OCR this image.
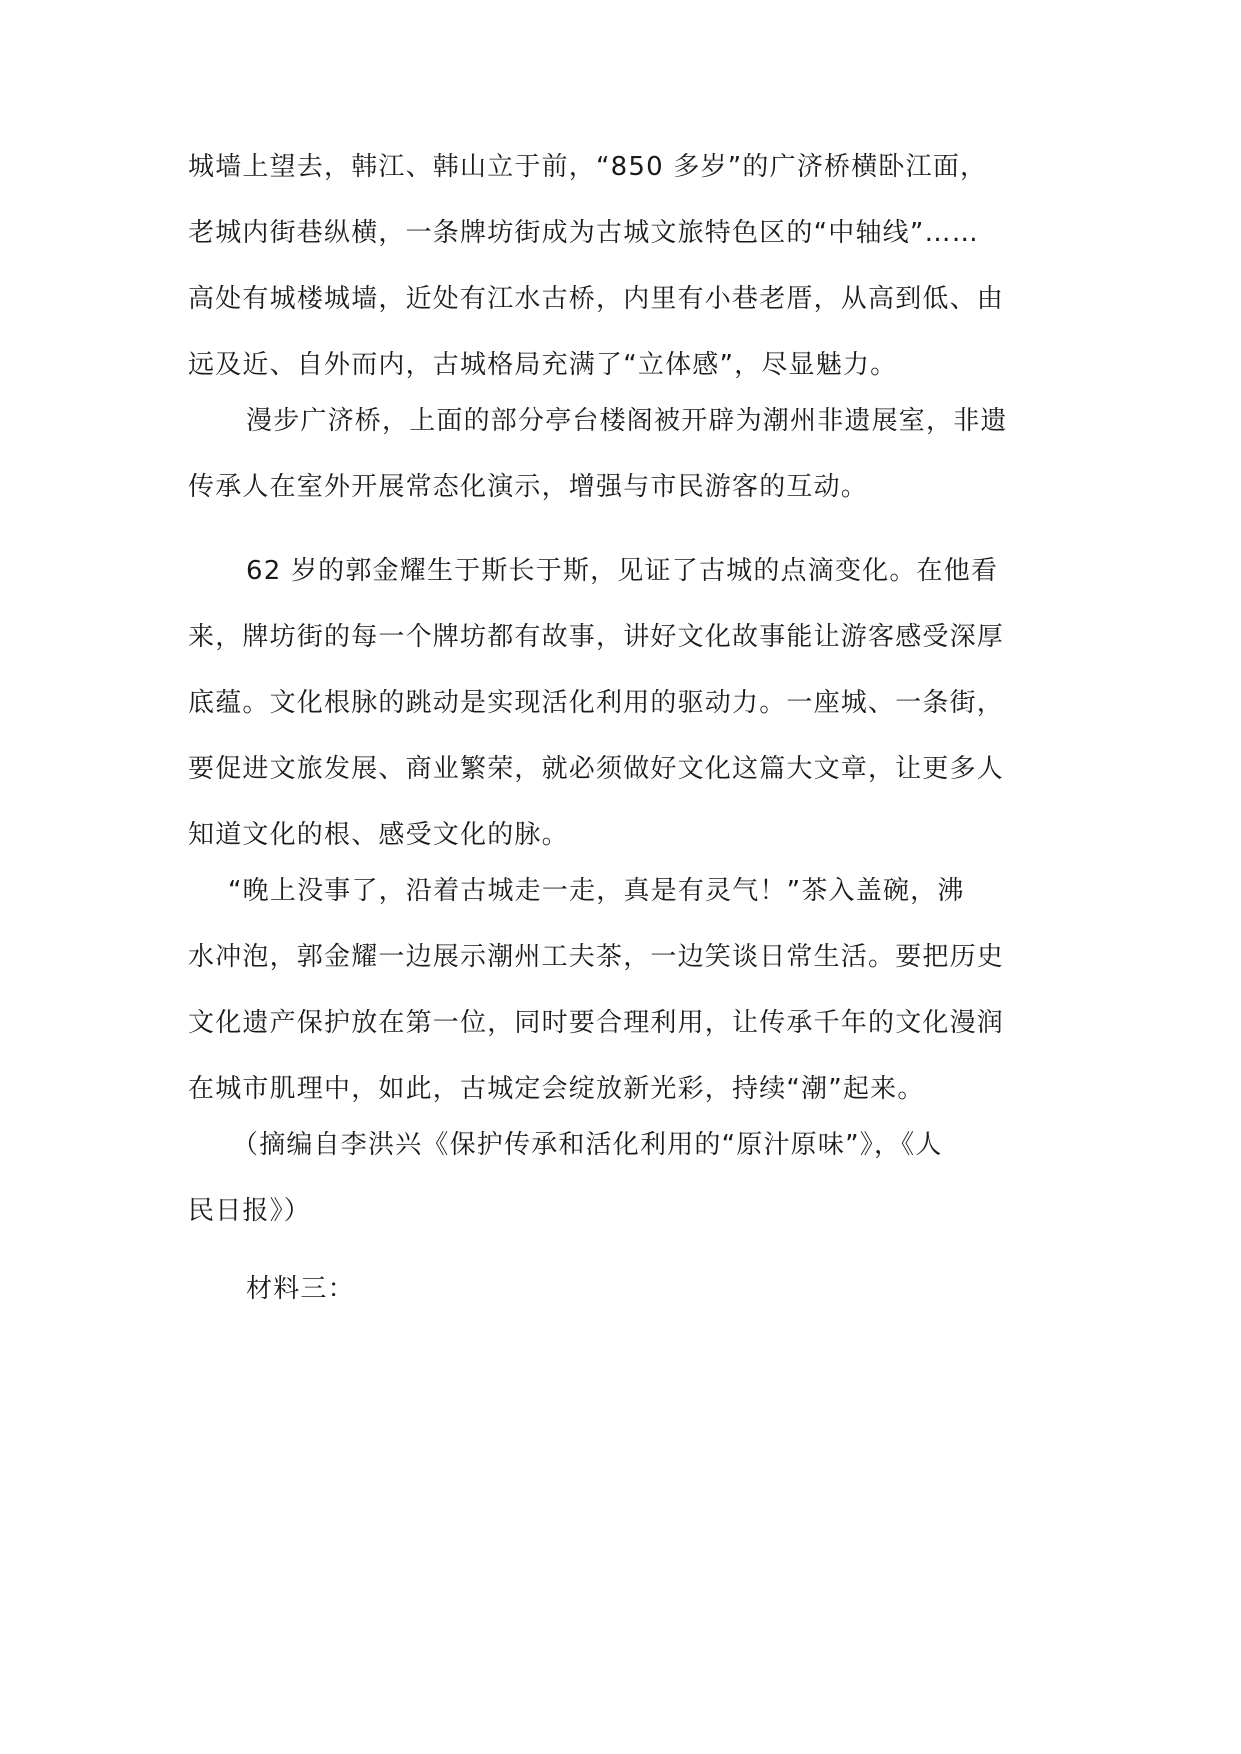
城墙上望去，韩江、韩山立于前，“850 多岁”的广济桥横卧江面，
老城内街巷纵横，一条牌坊街成为古城文旅特色区的“中轴线”……
高处有城楼城墙，近处有江水古桥，内里有小巷老厝，从高到低、由
远及近、自外而内，古城格局充满了“立体感”，尽显魅力。
漫步广济桥，上面的部分亭台楼阁被开辟为潮州非遗展室，非遗
传承人在室外开展常态化演示，增强与市民游客的互动。
62 岁的郭金耀生于斯长于斯，见证了古城的点滴变化。在他看
来，牌坊街的每一个牌坊都有故事，讲好文化故事能让游客感受深厚
底蕴。文化根脉的跳动是实现活化利用的驱动力。一座城、一条街，
要促进文旅发展、商业繁荣，就必须做好文化这篇大文章，让更多人
知道文化的根、感受文化的脉。
“晚上没事了，沿着古城走一走，真是有灵气！”茶入盖碗，沸
水冲泡，郭金耀一边展示潮州工夫茶，一边笑谈日常生活。要把历史
文化遗产保护放在第一位，同时要合理利用，让传承千年的文化漫润
在城市肌理中，如此，古城定会绽放新光彩，持续“潮”起来。
（摘编自李洪兴《保护传承和活化利用的“原汁原味”》，《人
民日报》）
材料三：
